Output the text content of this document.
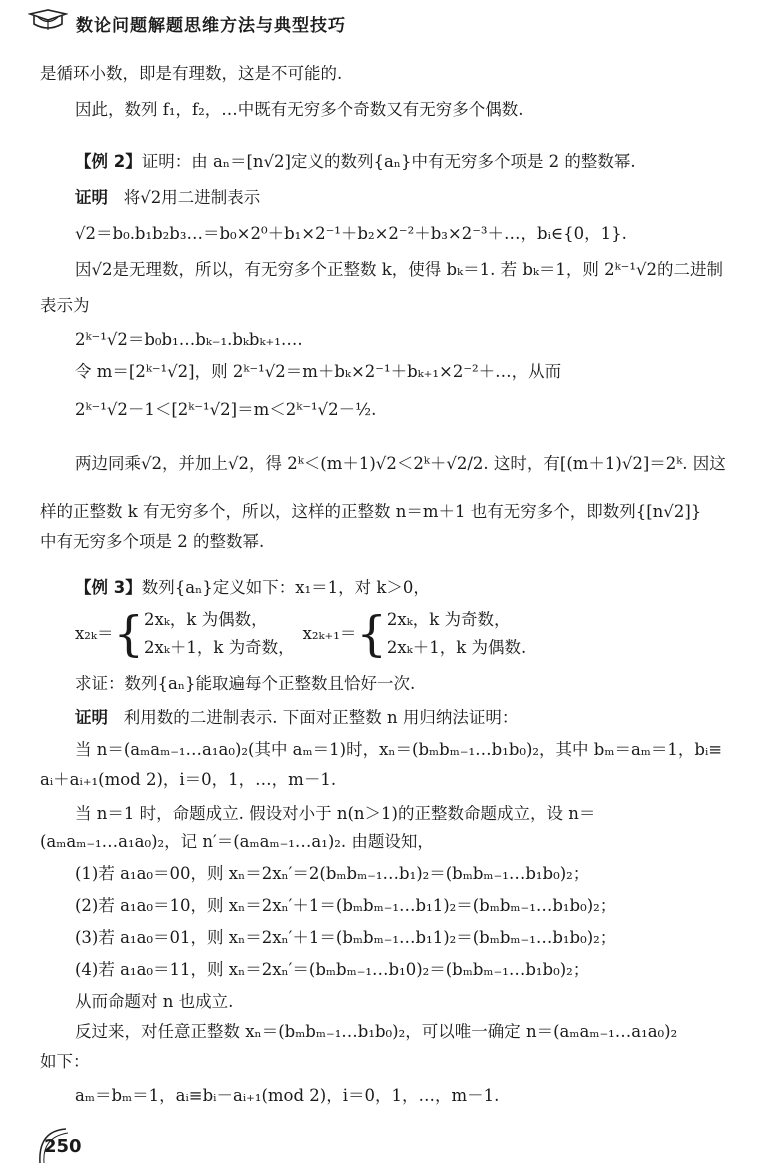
数论问题解题思维方法与典型技巧
是循环小数，即是有理数，这是不可能的.
因此，数列 f₁，f₂，…中既有无穷多个奇数又有无穷多个偶数.
【例 2】证明：由 aₙ＝[n√2]定义的数列{aₙ}中有无穷多个项是 2 的整数幂.
证明 将√2用二进制表示
√2＝b₀.b₁b₂b₃…＝b₀×2⁰＋b₁×2⁻¹＋b₂×2⁻²＋b₃×2⁻³＋…，bᵢ∈{0，1}.
因√2是无理数，所以，有无穷多个正整数 k，使得 bₖ＝1. 若 bₖ＝1，则 2ᵏ⁻¹√2的二进制
表示为
2ᵏ⁻¹√2＝b₀b₁…bₖ₋₁.bₖbₖ₊₁….
令 m＝[2ᵏ⁻¹√2]，则 2ᵏ⁻¹√2＝m＋bₖ×2⁻¹＋bₖ₊₁×2⁻²＋…，从而
2ᵏ⁻¹√2－1＜[2ᵏ⁻¹√2]＝m＜2ᵏ⁻¹√2－½.
两边同乘√2，并加上√2，得 2ᵏ＜(m＋1)√2＜2ᵏ＋√2/2. 这时，有[(m＋1)√2]＝2ᵏ. 因这
样的正整数 k 有无穷多个，所以，这样的正整数 n＝m＋1 也有无穷多个，即数列{[n√2]}
中有无穷多个项是 2 的整数幂.
【例 3】数列{aₙ}定义如下：x₁＝1，对 k＞0，
x₂ₖ＝ { 2xₖ，k 为偶数，
2xₖ＋1，k 为奇数，
x₂ₖ₊₁＝ { 2xₖ，k 为奇数，
2xₖ＋1，k 为偶数.
求证：数列{aₙ}能取遍每个正整数且恰好一次.
证明 利用数的二进制表示. 下面对正整数 n 用归纳法证明：
当 n＝(aₘaₘ₋₁…a₁a₀)₂(其中 aₘ＝1)时，xₙ＝(bₘbₘ₋₁…b₁b₀)₂，其中 bₘ＝aₘ＝1，bᵢ≡
aᵢ＋aᵢ₊₁(mod 2)，i＝0，1，…，m－1.
当 n＝1 时，命题成立. 假设对小于 n(n＞1)的正整数命题成立，设 n＝
(aₘaₘ₋₁…a₁a₀)₂，记 n′＝(aₘaₘ₋₁…a₁)₂. 由题设知，
(1)若 a₁a₀＝00，则 xₙ＝2xₙ′＝2(bₘbₘ₋₁…b₁)₂＝(bₘbₘ₋₁…b₁b₀)₂；
(2)若 a₁a₀＝10，则 xₙ＝2xₙ′＋1＝(bₘbₘ₋₁…b₁1)₂＝(bₘbₘ₋₁…b₁b₀)₂；
(3)若 a₁a₀＝01，则 xₙ＝2xₙ′＋1＝(bₘbₘ₋₁…b₁1)₂＝(bₘbₘ₋₁…b₁b₀)₂；
(4)若 a₁a₀＝11，则 xₙ＝2xₙ′＝(bₘbₘ₋₁…b₁0)₂＝(bₘbₘ₋₁…b₁b₀)₂；
从而命题对 n 也成立.
反过来，对任意正整数 xₙ＝(bₘbₘ₋₁…b₁b₀)₂，可以唯一确定 n＝(aₘaₘ₋₁…a₁a₀)₂
如下：
aₘ＝bₘ＝1，aᵢ≡bᵢ－aᵢ₊₁(mod 2)，i＝0，1，…，m－1.
250
